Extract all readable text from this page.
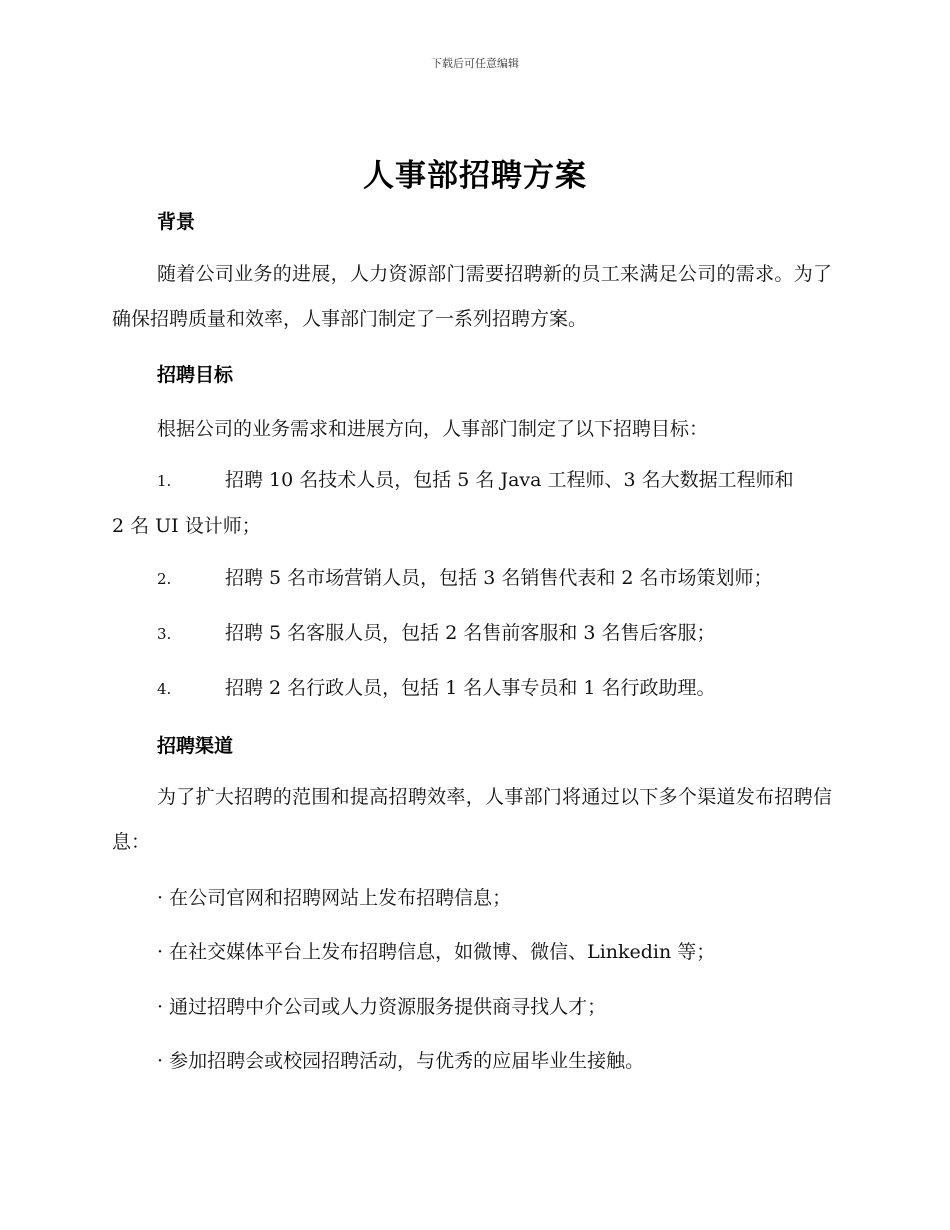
下载后可任意编辑
人事部招聘方案
背景
随着公司业务的进展，人力资源部门需要招聘新的员工来满足公司的需求。为了确保招聘质量和效率，人事部门制定了一系列招聘方案。
招聘目标
根据公司的业务需求和进展方向，人事部门制定了以下招聘目标：
1.	招聘 10 名技术人员，包括 5 名 Java 工程师、3 名大数据工程师和
2 名 UI 设计师；
2.	招聘 5 名市场营销人员，包括 3 名销售代表和 2 名市场策划师；
3.	招聘 5 名客服人员，包括 2 名售前客服和 3 名售后客服；
4.	招聘 2 名行政人员，包括 1 名人事专员和 1 名行政助理。
招聘渠道
为了扩大招聘的范围和提高招聘效率，人事部门将通过以下多个渠道发布招聘信息：
· 在公司官网和招聘网站上发布招聘信息；
· 在社交媒体平台上发布招聘信息，如微博、微信、Linkedin 等；
· 通过招聘中介公司或人力资源服务提供商寻找人才；
· 参加招聘会或校园招聘活动，与优秀的应届毕业生接触。
